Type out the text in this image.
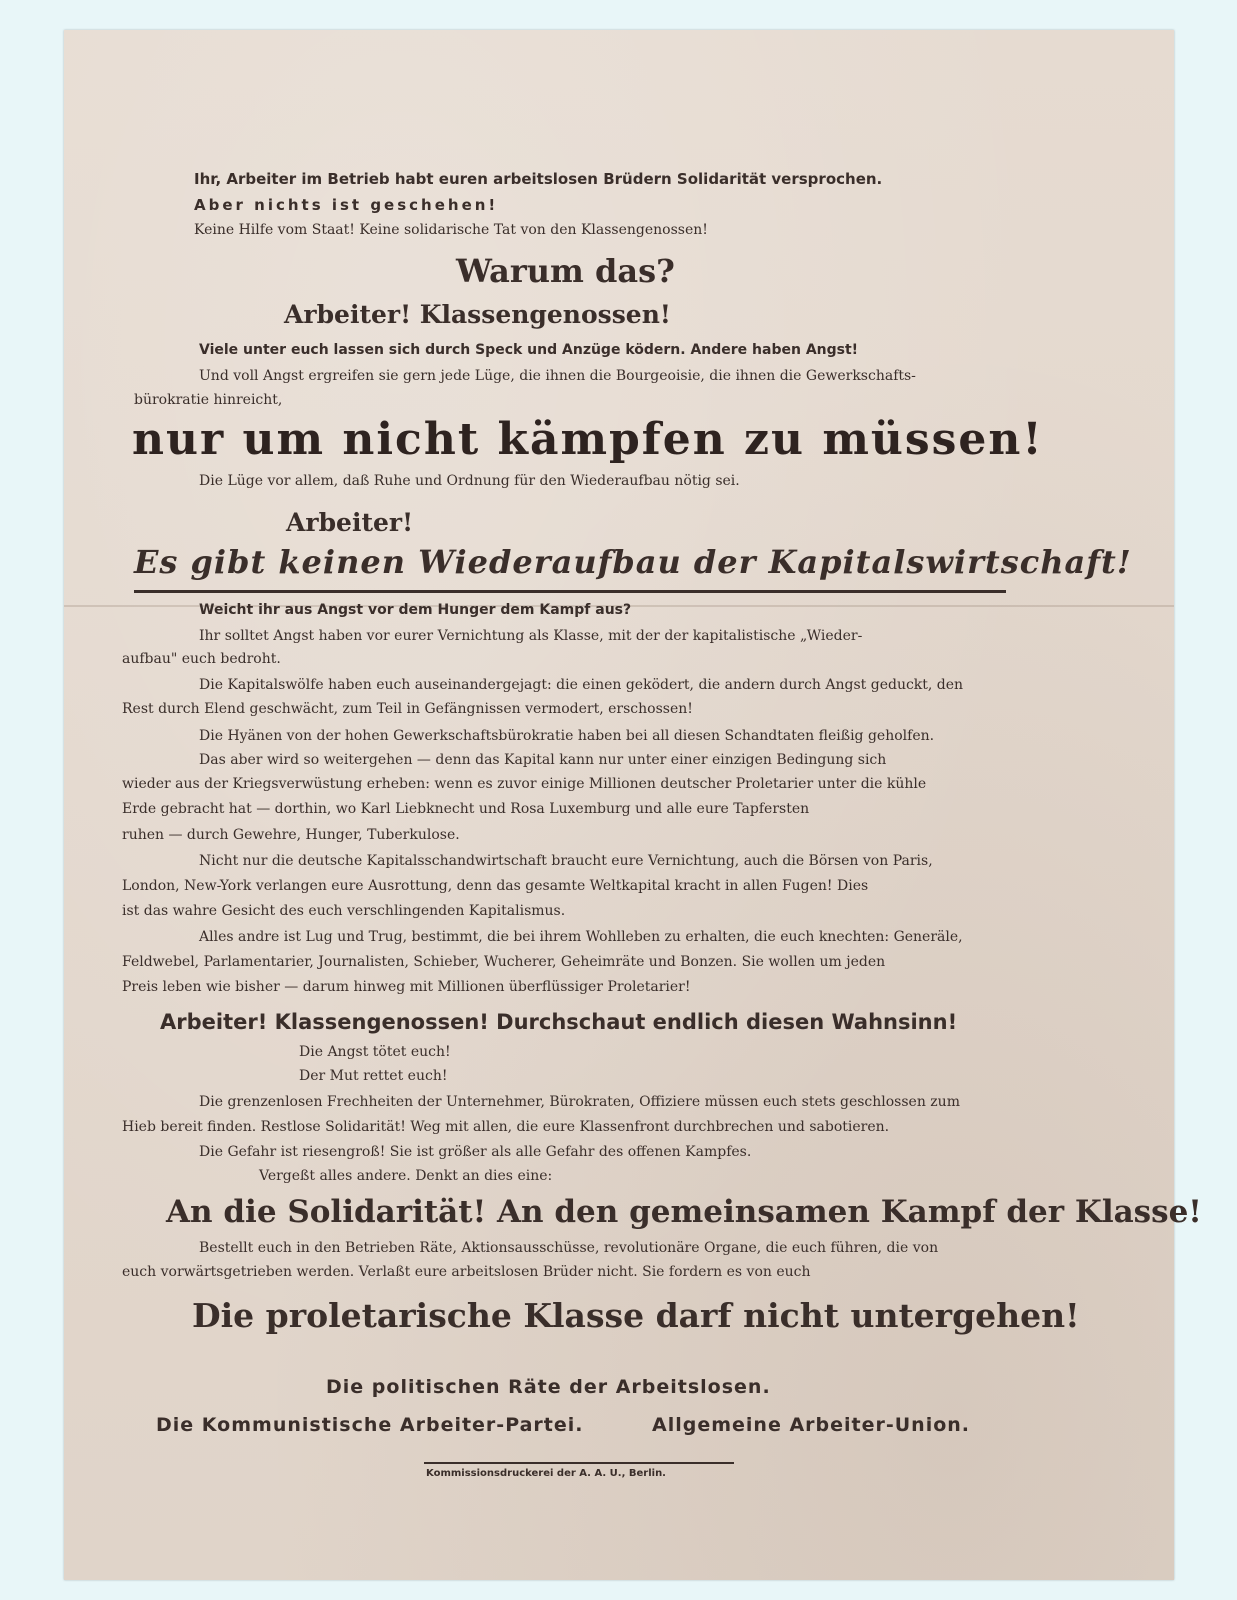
Ihr, Arbeiter im Betrieb habt euren arbeitslosen Brüdern Solidarität versprochen.
Aber nichts ist geschehen!
Keine Hilfe vom Staat! Keine solidarische Tat von den Klassengenossen!
Warum das?
Arbeiter! Klassengenossen!
Viele unter euch lassen sich durch Speck und Anzüge ködern. Andere haben Angst!
Und voll Angst ergreifen sie gern jede Lüge, die ihnen die Bourgeoisie, die ihnen die Gewerkschafts-
bürokratie hinreicht,
nur um nicht kämpfen zu müssen!
Die Lüge vor allem, daß Ruhe und Ordnung für den Wiederaufbau nötig sei.
Arbeiter!
Es gibt keinen Wiederaufbau der Kapitalswirtschaft!
Weicht ihr aus Angst vor dem Hunger dem Kampf aus?
Ihr solltet Angst haben vor eurer Vernichtung als Klasse, mit der der kapitalistische „Wieder-
aufbau" euch bedroht.
Die Kapitalswölfe haben euch auseinandergejagt: die einen geködert, die andern durch Angst geduckt, den
Rest durch Elend geschwächt, zum Teil in Gefängnissen vermodert, erschossen!
Die Hyänen von der hohen Gewerkschaftsbürokratie haben bei all diesen Schandtaten fleißig geholfen.
Das aber wird so weitergehen — denn das Kapital kann nur unter einer einzigen Bedingung sich
wieder aus der Kriegsverwüstung erheben: wenn es zuvor einige Millionen deutscher Proletarier unter die kühle
Erde gebracht hat — dorthin, wo Karl Liebknecht und Rosa Luxemburg und alle eure Tapfersten
ruhen — durch Gewehre, Hunger, Tuberkulose.
Nicht nur die deutsche Kapitalsschandwirtschaft braucht eure Vernichtung, auch die Börsen von Paris,
London, New-York verlangen eure Ausrottung, denn das gesamte Weltkapital kracht in allen Fugen! Dies
ist das wahre Gesicht des euch verschlingenden Kapitalismus.
Alles andre ist Lug und Trug, bestimmt, die bei ihrem Wohlleben zu erhalten, die euch knechten: Generäle,
Feldwebel, Parlamentarier, Journalisten, Schieber, Wucherer, Geheimräte und Bonzen. Sie wollen um jeden
Preis leben wie bisher — darum hinweg mit Millionen überflüssiger Proletarier!
Arbeiter! Klassengenossen! Durchschaut endlich diesen Wahnsinn!
Die Angst tötet euch!
Der Mut rettet euch!
Die grenzenlosen Frechheiten der Unternehmer, Bürokraten, Offiziere müssen euch stets geschlossen zum
Hieb bereit finden. Restlose Solidarität! Weg mit allen, die eure Klassenfront durchbrechen und sabotieren.
Die Gefahr ist riesengroß! Sie ist größer als alle Gefahr des offenen Kampfes.
Vergeßt alles andere. Denkt an dies eine:
An die Solidarität! An den gemeinsamen Kampf der Klasse!
Bestellt euch in den Betrieben Räte, Aktionsausschüsse, revolutionäre Organe, die euch führen, die von
euch vorwärtsgetrieben werden. Verlaßt eure arbeitslosen Brüder nicht. Sie fordern es von euch
Die proletarische Klasse darf nicht untergehen!
Die politischen Räte der Arbeitslosen.
Die Kommunistische Arbeiter-Partei.	Allgemeine Arbeiter-Union.
Kommissionsdruckerei der A. A. U., Berlin.
